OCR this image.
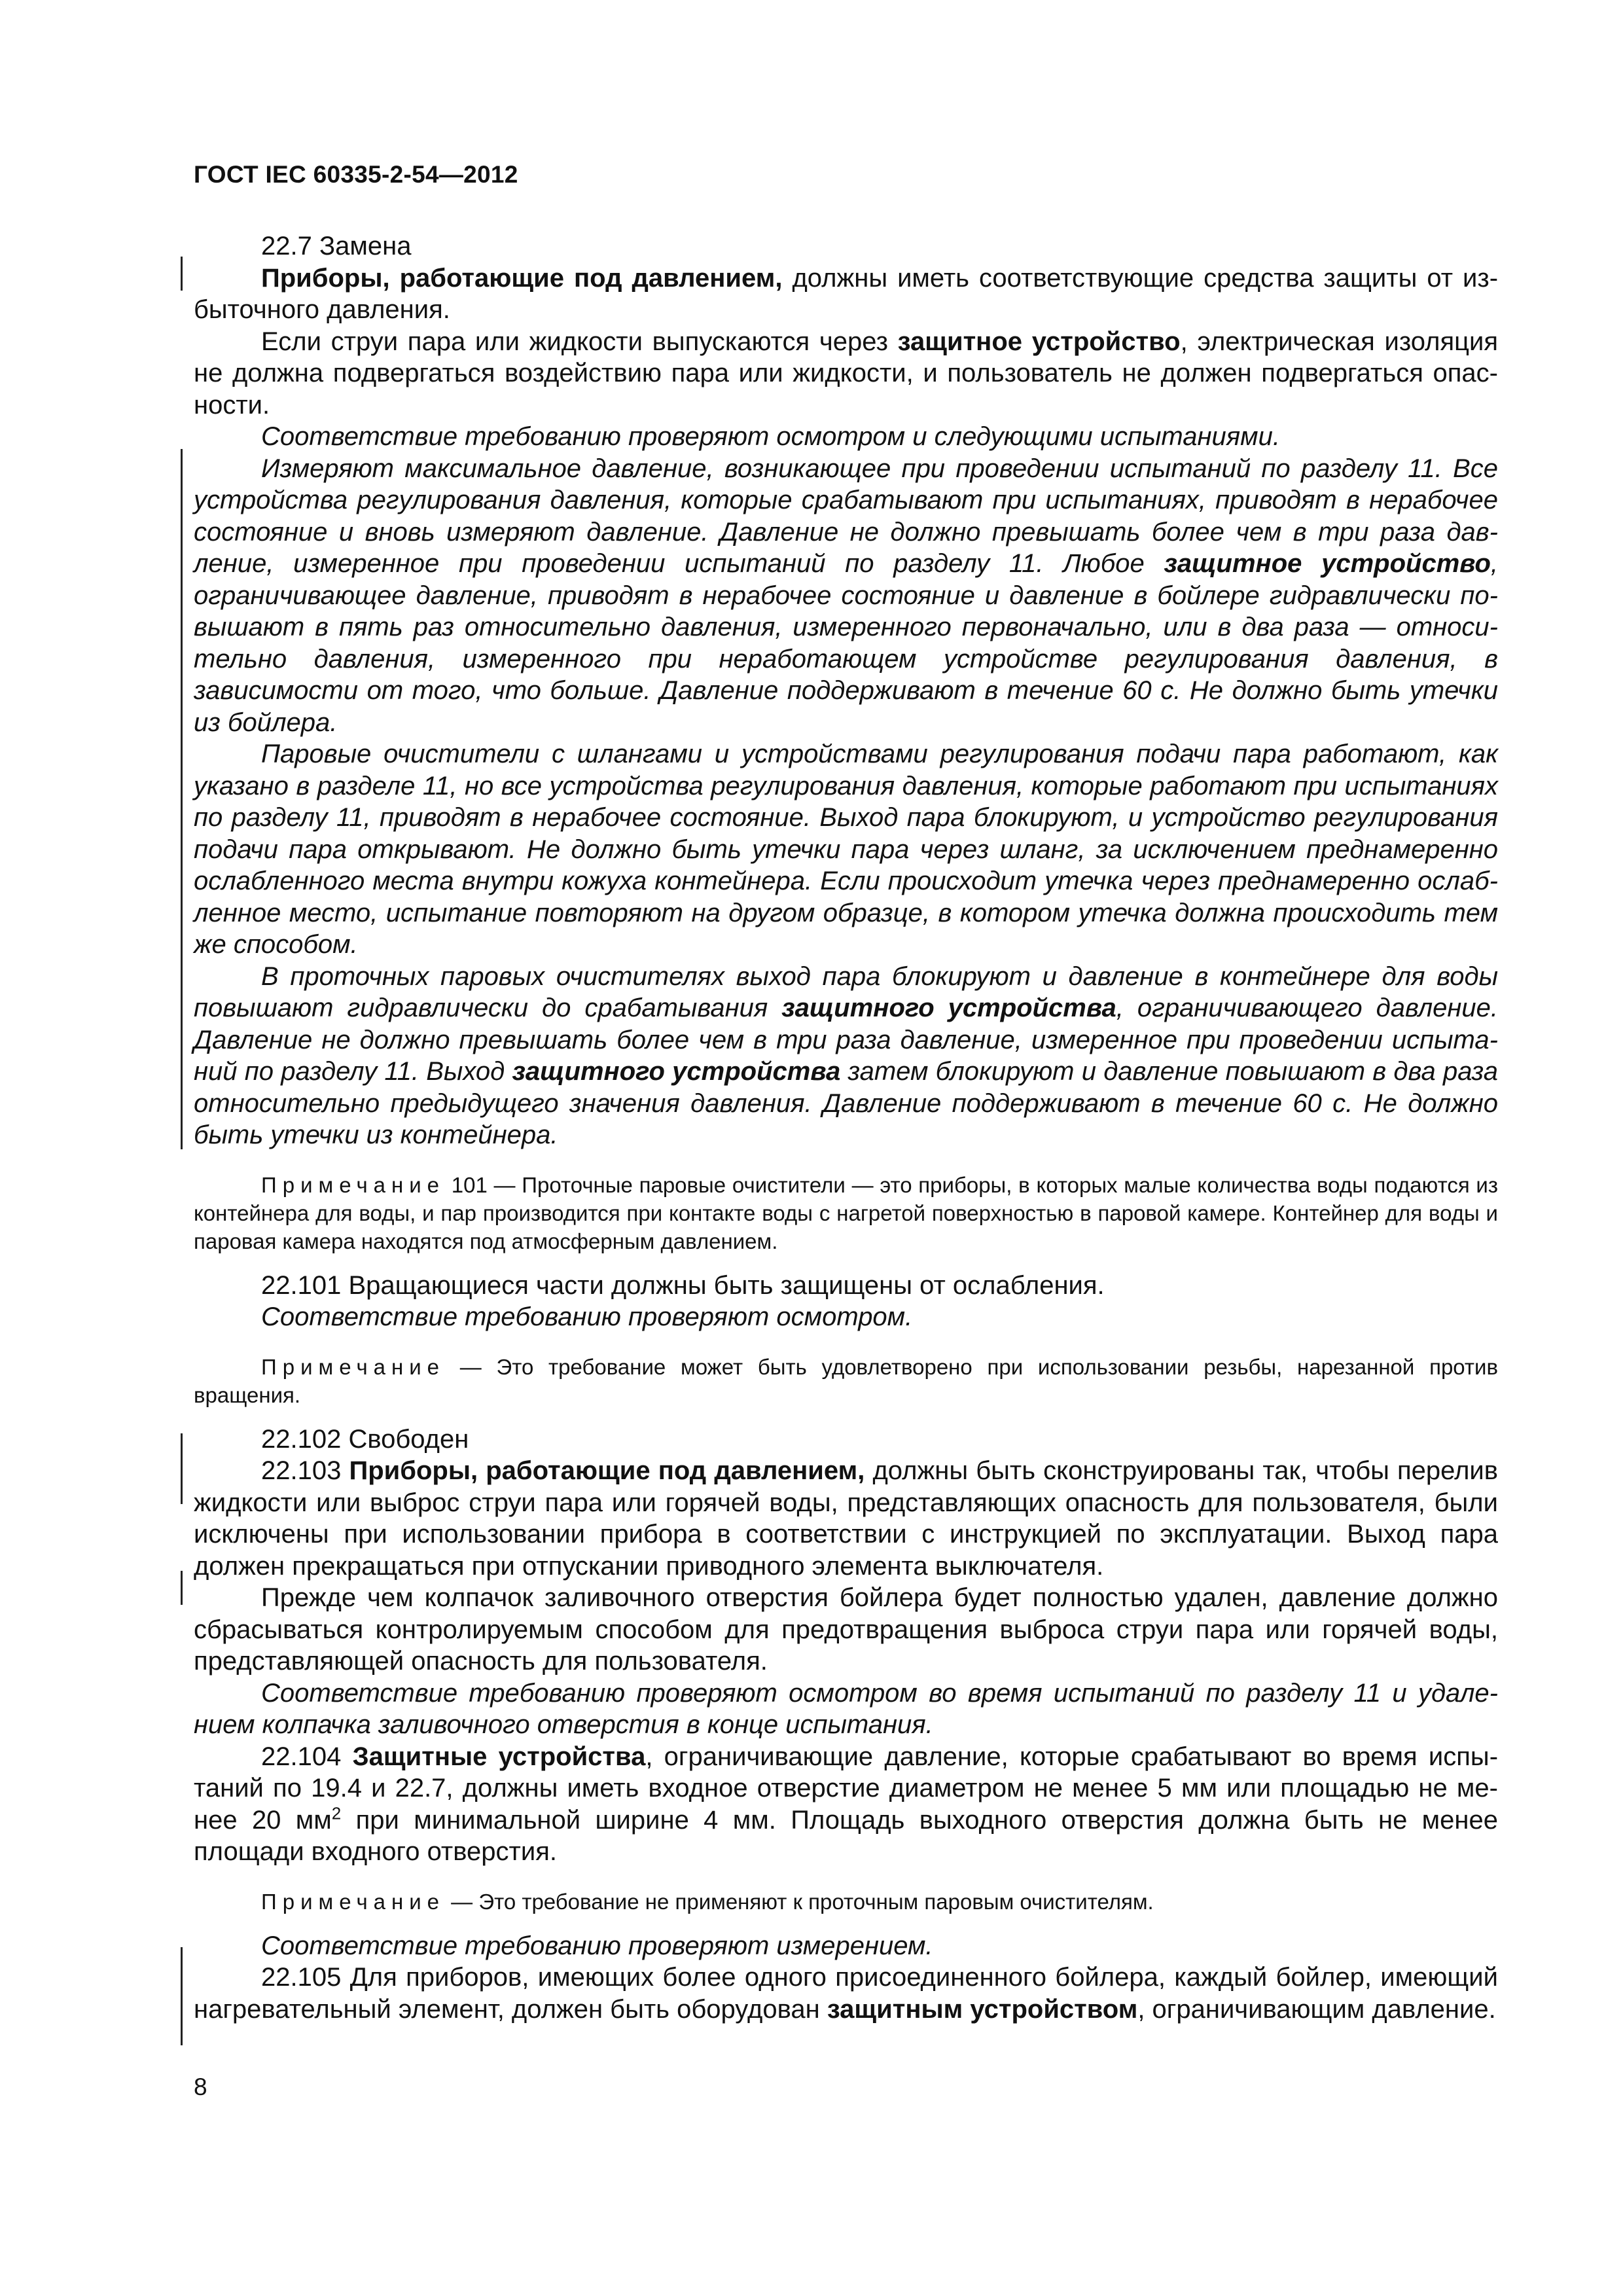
ГОСТ IEC 60335-2-54—2012

22.7 Замена

Приборы, работающие под давлением, должны иметь соответствующие средства защиты от избыточного давления.

Если струи пара или жидкости выпускаются через защитное устройство, электрическая изоляция не должна подвергаться воздействию пара или жидкости, и пользователь не должен подвергаться опасности.

Соответствие требованию проверяют осмотром и следующими испытаниями.

Измеряют максимальное давление, возникающее при проведении испытаний по разделу 11. Все устройства регулирования давления, которые срабатывают при испытаниях, приводят в нерабочее состояние и вновь измеряют давление. Давление не должно превышать более чем в три раза давление, измеренное при проведении испытаний по разделу 11. Любое защитное устройство, ограничивающее давление, приводят в нерабочее состояние и давление в бойлере гидравлически повышают в пять раз относительно давления, измеренного первоначально, или в два раза — относительно давления, измеренного при неработающем устройстве регулирования давления, в зависимости от того, что больше. Давление поддерживают в течение 60 с. Не должно быть утечки из бойлера.

Паровые очистители с шлангами и устройствами регулирования подачи пара работают, как указано в разделе 11, но все устройства регулирования давления, которые работают при испытаниях по разделу 11, приводят в нерабочее состояние. Выход пара блокируют, и устройство регулирования подачи пара открывают. Не должно быть утечки пара через шланг, за исключением преднамеренно ослабленного места внутри кожуха контейнера. Если происходит утечка через преднамеренно ослабленное место, испытание повторяют на другом образце, в котором утечка должна происходить тем же способом.

В проточных паровых очистителях выход пара блокируют и давление в контейнере для воды повышают гидравлически до срабатывания защитного устройства, ограничивающего давление. Давление не должно превышать более чем в три раза давление, измеренное при проведении испытаний по разделу 11. Выход защитного устройства затем блокируют и давление повышают в два раза относительно предыдущего значения давления. Давление поддерживают в течение 60 с. Не должно быть утечки из контейнера.

Примечание 101 — Проточные паровые очистители — это приборы, в которых малые количества воды подаются из контейнера для воды, и пар производится при контакте воды с нагретой поверхностью в паровой камере. Контейнер для воды и паровая камера находятся под атмосферным давлением.

22.101 Вращающиеся части должны быть защищены от ослабления.

Соответствие требованию проверяют осмотром.

Примечание — Это требование может быть удовлетворено при использовании резьбы, нарезанной против вращения.

22.102 Свободен

22.103 Приборы, работающие под давлением, должны быть сконструированы так, чтобы перелив жидкости или выброс струи пара или горячей воды, представляющих опасность для пользователя, были исключены при использовании прибора в соответствии с инструкцией по эксплуатации. Выход пара должен прекращаться при отпускании приводного элемента выключателя.

Прежде чем колпачок заливочного отверстия бойлера будет полностью удален, давление должно сбрасываться контролируемым способом для предотвращения выброса струи пара или горячей воды, представляющей опасность для пользователя.

Соответствие требованию проверяют осмотром во время испытаний по разделу 11 и удалением колпачка заливочного отверстия в конце испытания.

22.104 Защитные устройства, ограничивающие давление, которые срабатывают во время испытаний по 19.4 и 22.7, должны иметь входное отверстие диаметром не менее 5 мм или площадью не менее 20 $мм^2$ при минимальной ширине 4 мм. Площадь выходного отверстия должна быть не менее площади входного отверстия.

Примечание — Это требование не применяют к проточным паровым очистителям.

Соответствие требованию проверяют измерением.

22.105 Для приборов, имеющих более одного присоединенного бойлера, каждый бойлер, имеющий нагревательный элемент, должен быть оборудован защитным устройством, ограничивающим давление.

8
